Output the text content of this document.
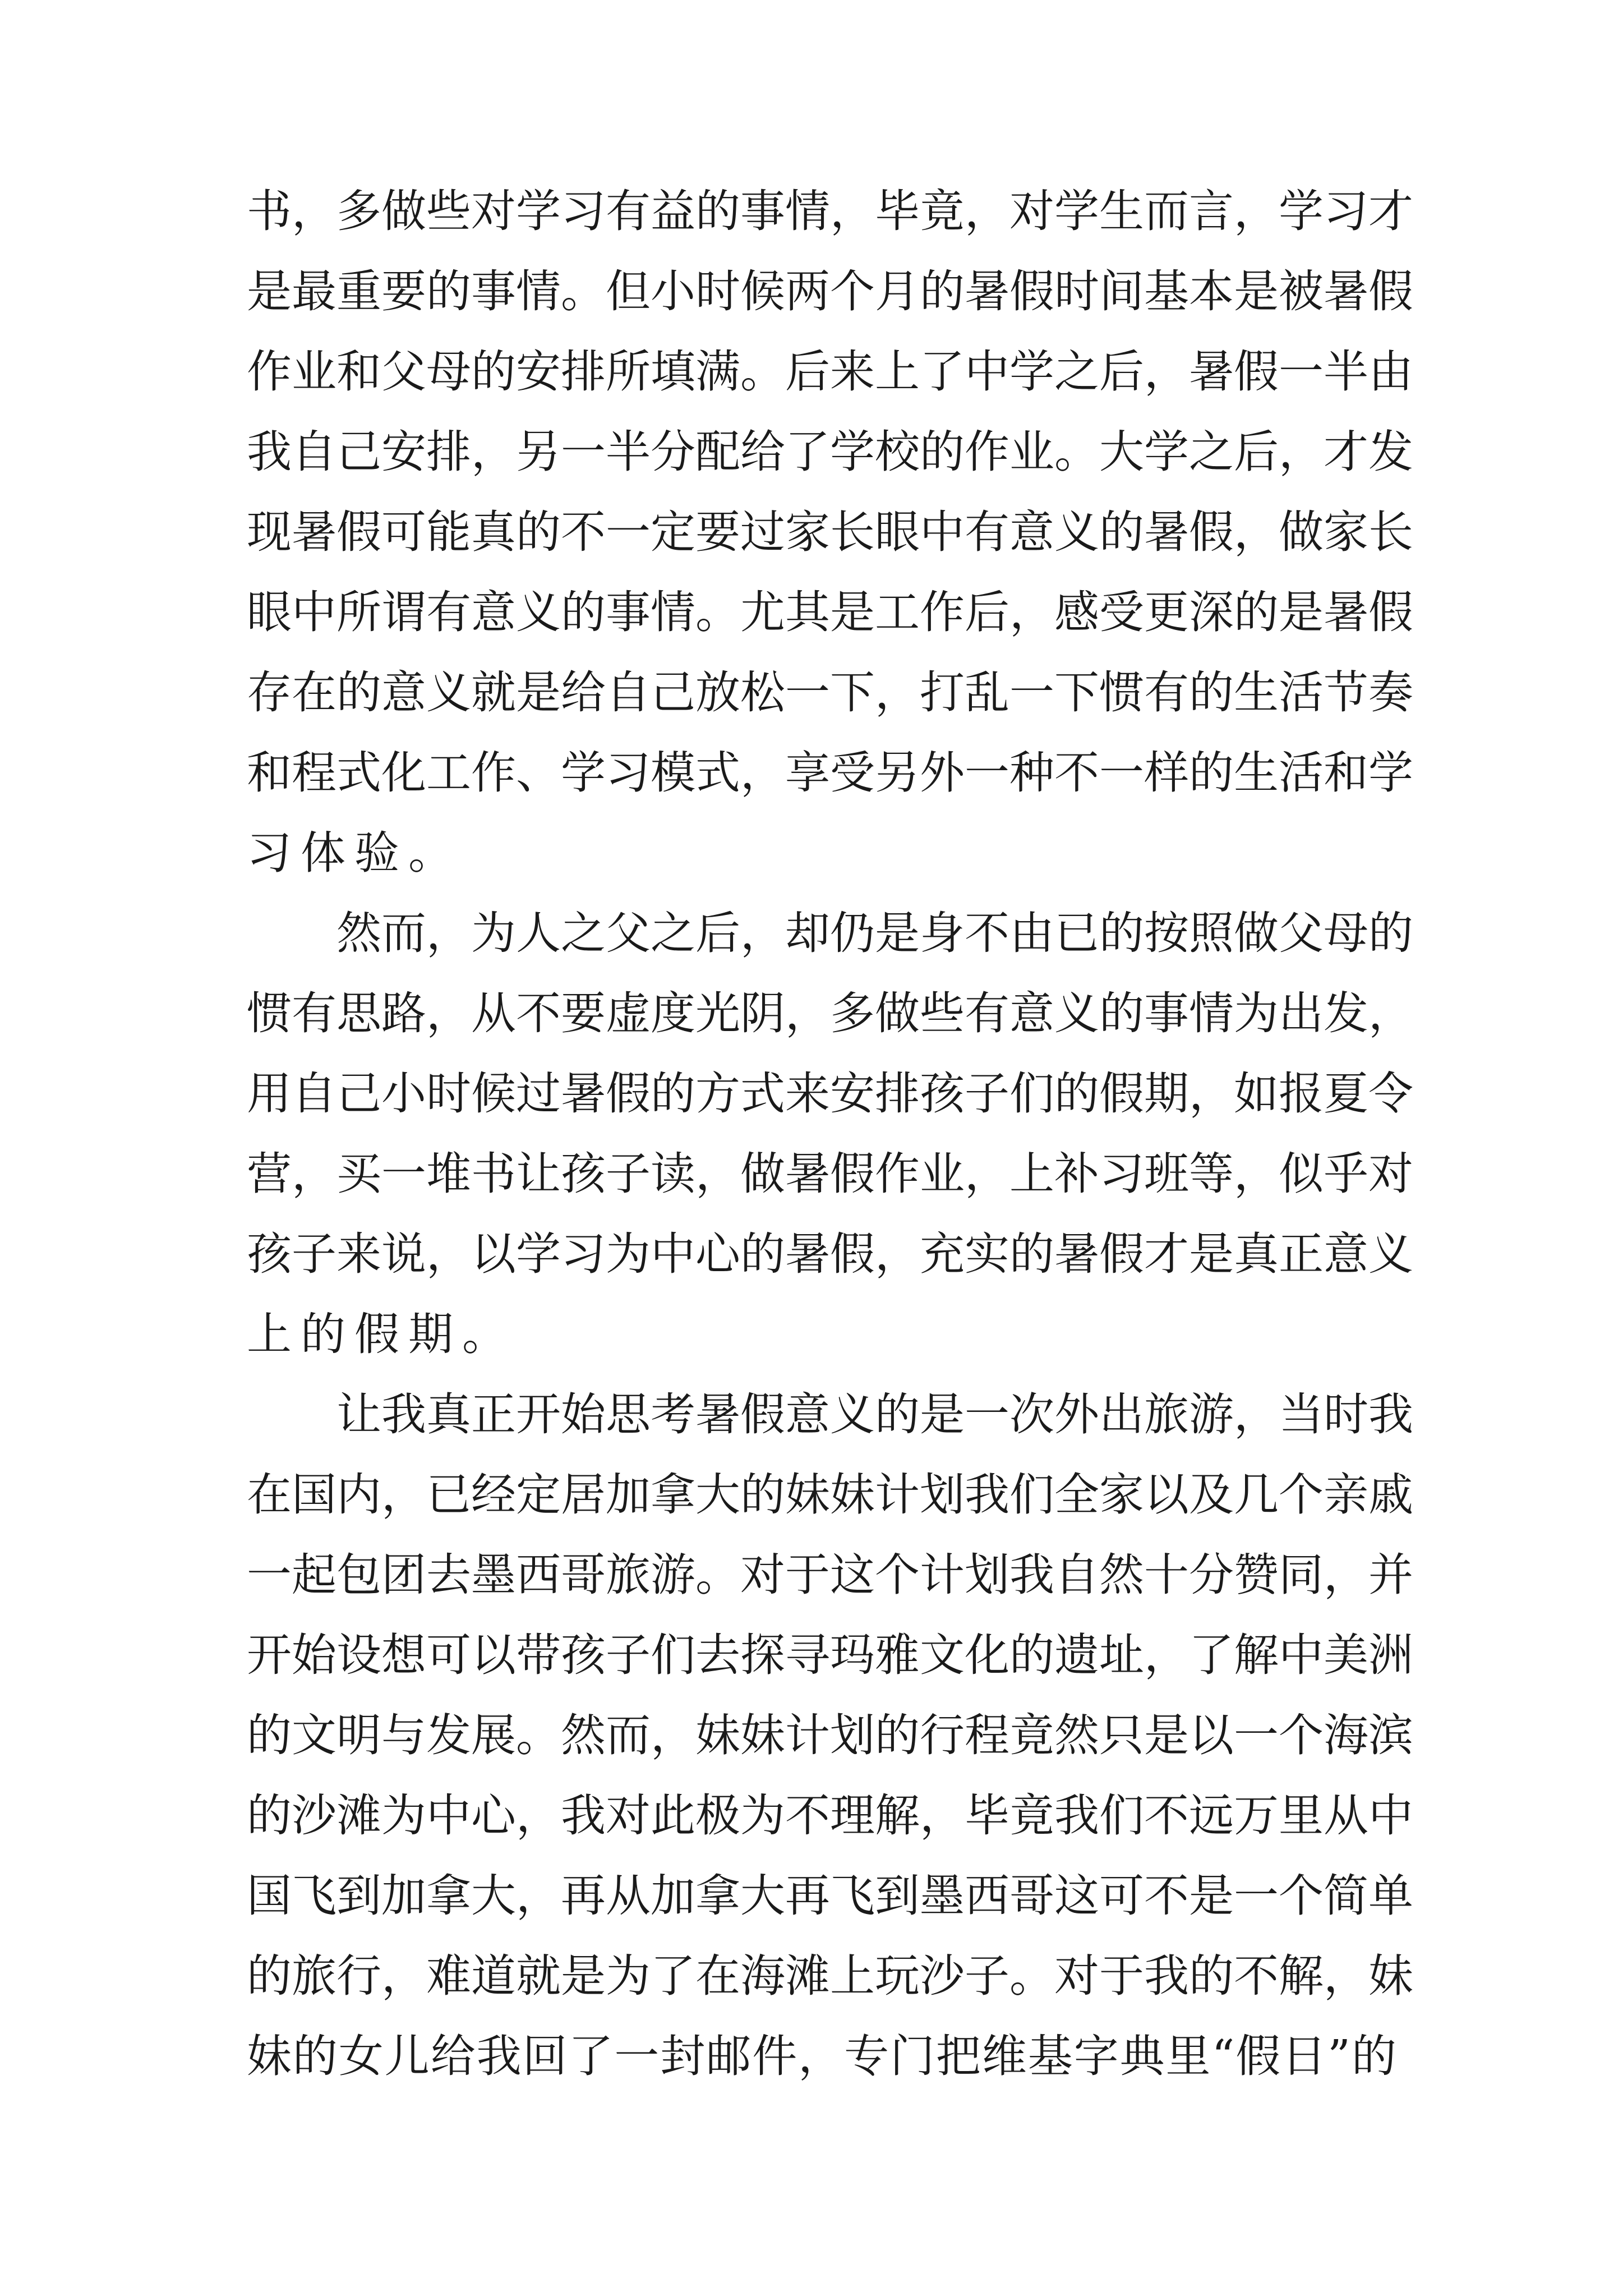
书，多做些对学习有益的事情，毕竟，对学生而言，学习才
是最重要的事情。但小时候两个月的暑假时间基本是被暑假
作业和父母的安排所填满。后来上了中学之后，暑假一半由
我自己安排，另一半分配给了学校的作业。大学之后，才发
现暑假可能真的不一定要过家长眼中有意义的暑假，做家长
眼中所谓有意义的事情。尤其是工作后，感受更深的是暑假
存在的意义就是给自己放松一下，打乱一下惯有的生活节奏
和程式化工作、学习模式，享受另外一种不一样的生活和学
习体验。
然而，为人之父之后，却仍是身不由已的按照做父母的
惯有思路，从不要虚度光阴，多做些有意义的事情为出发，
用自己小时候过暑假的方式来安排孩子们的假期，如报夏令
营，买一堆书让孩子读，做暑假作业，上补习班等，似乎对
孩子来说，以学习为中心的暑假，充实的暑假才是真正意义
上的假期。
让我真正开始思考暑假意义的是一次外出旅游，当时我
在国内，已经定居加拿大的妹妹计划我们全家以及几个亲戚
一起包团去墨西哥旅游。对于这个计划我自然十分赞同，并
开始设想可以带孩子们去探寻玛雅文化的遗址，了解中美洲
的文明与发展。然而，妹妹计划的行程竟然只是以一个海滨
的沙滩为中心，我对此极为不理解，毕竟我们不远万里从中
国飞到加拿大，再从加拿大再飞到墨西哥这可不是一个简单
的旅行，难道就是为了在海滩上玩沙子。对于我的不解，妹
妹的女儿给我回了一封邮件，专门把维基字典里“假日”的
